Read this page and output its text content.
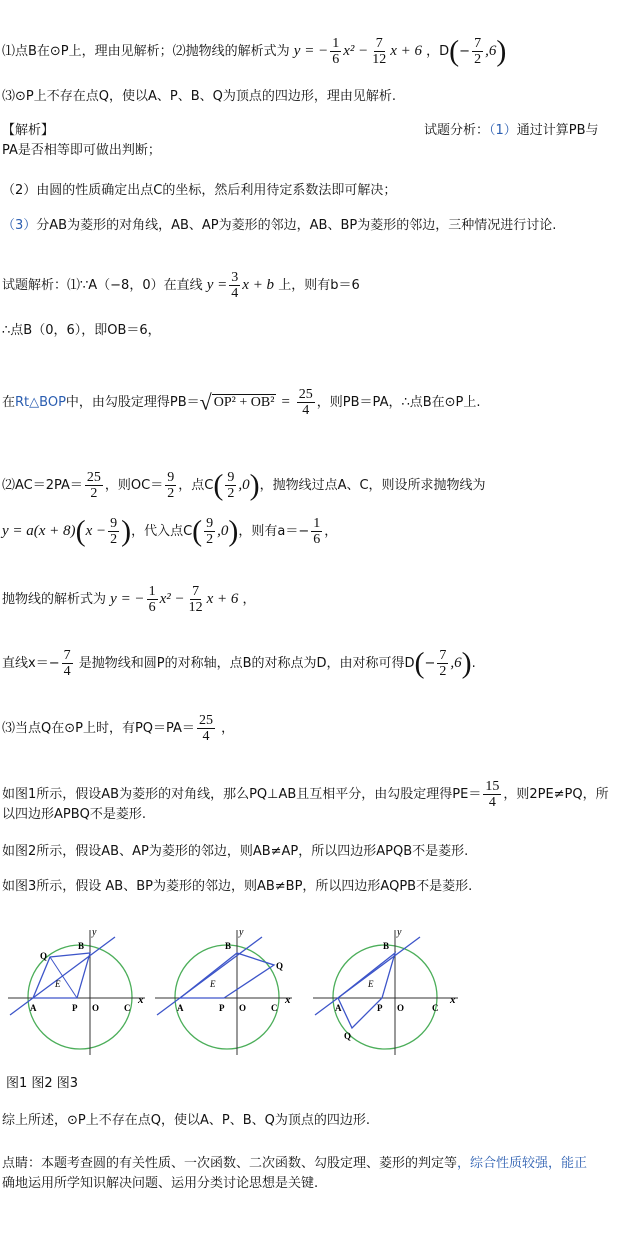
⑴点B在⊙P上，理由见解析；⑵抛物线的解析式为 y = − $\frac{1}{6} x^2 - \frac{7}{12}$ x + 6 ，$D(- \frac{7}{2} ,6)$
⑶⊙P上不存在点Q，使以A、P、B、Q为顶点的四边形，理由见解析.
【解析】	试题分析：（1）通过计算PB与
PA是否相等即可做出判断；
（2）由圆的性质确定出点C的坐标，然后利用待定系数法即可解决；
（3）分AB为菱形的对角线，AB、AP为菱形的邻边，AB、BP为菱形的邻边，三种情况进行讨论.
试题解析：⑴∵A（−8，0）在直线 $y = \frac{3}{4}$ x + b 上，则有b＝6
∴点B（0，6），即OB＝6，
在Rt△BOP中，由勾股定理得PB＝√ $OP^2 + OB^2 = \frac{25}{4}$ ，则PB＝PA，∴点B在⊙P上.
⑵AC＝2PA＝ $\frac{25}{2}$ ，则$OC= \frac{9}{2}$ ，点$C( \frac{9}{2} ,0)$，抛物线过点A、C，则设所求抛物线为
$y = a(x + 8)(x - \frac{9}{2}$ )，代入点$C( \frac{9}{2} ,0)$，则有$a=- \frac{1}{6}$ ，
抛物线的解析式为 y = − $\frac{1}{6} x^2 - \frac{7}{12}$ x + 6 ，
直线$x=- \frac{7}{4}$ 是抛物线和圆P的对称轴，点B的对称点为D，由对称可得$D(- \frac{7}{2} ,6)$.
⑶当点Q在⊙P上时，有$PQ=PA= \frac{25}{4}$ ，
如图1所示，假设AB为菱形的对角线，那么PQ⊥AB且互相平分，由勾股定理得$PE= \frac{15}{4}$ ，则2PE≠PQ，所
以四边形APBQ不是菱形.
如图2所示，假设AB、AP为菱形的邻边，则AB≠AP，所以四边形APQB不是菱形.
如图3所示，假设 AB、BP为菱形的邻边，则AB≠BP，所以四边形AQPB不是菱形.
y
x
B
Q
E
A	P O	C
y
x
B
Q
E
A	P O	C
y
x
B
Q
E
A	P O	C
图1 图2 图3
综上所述，⊙P上不存在点Q，使以A、P、B、Q为顶点的四边形.
点睛：本题考查圆的有关性质、一次函数、二次函数、勾股定理、菱形的判定等，综合性质较强，能正
确地运用所学知识解决问题、运用分类讨论思想是关键.
